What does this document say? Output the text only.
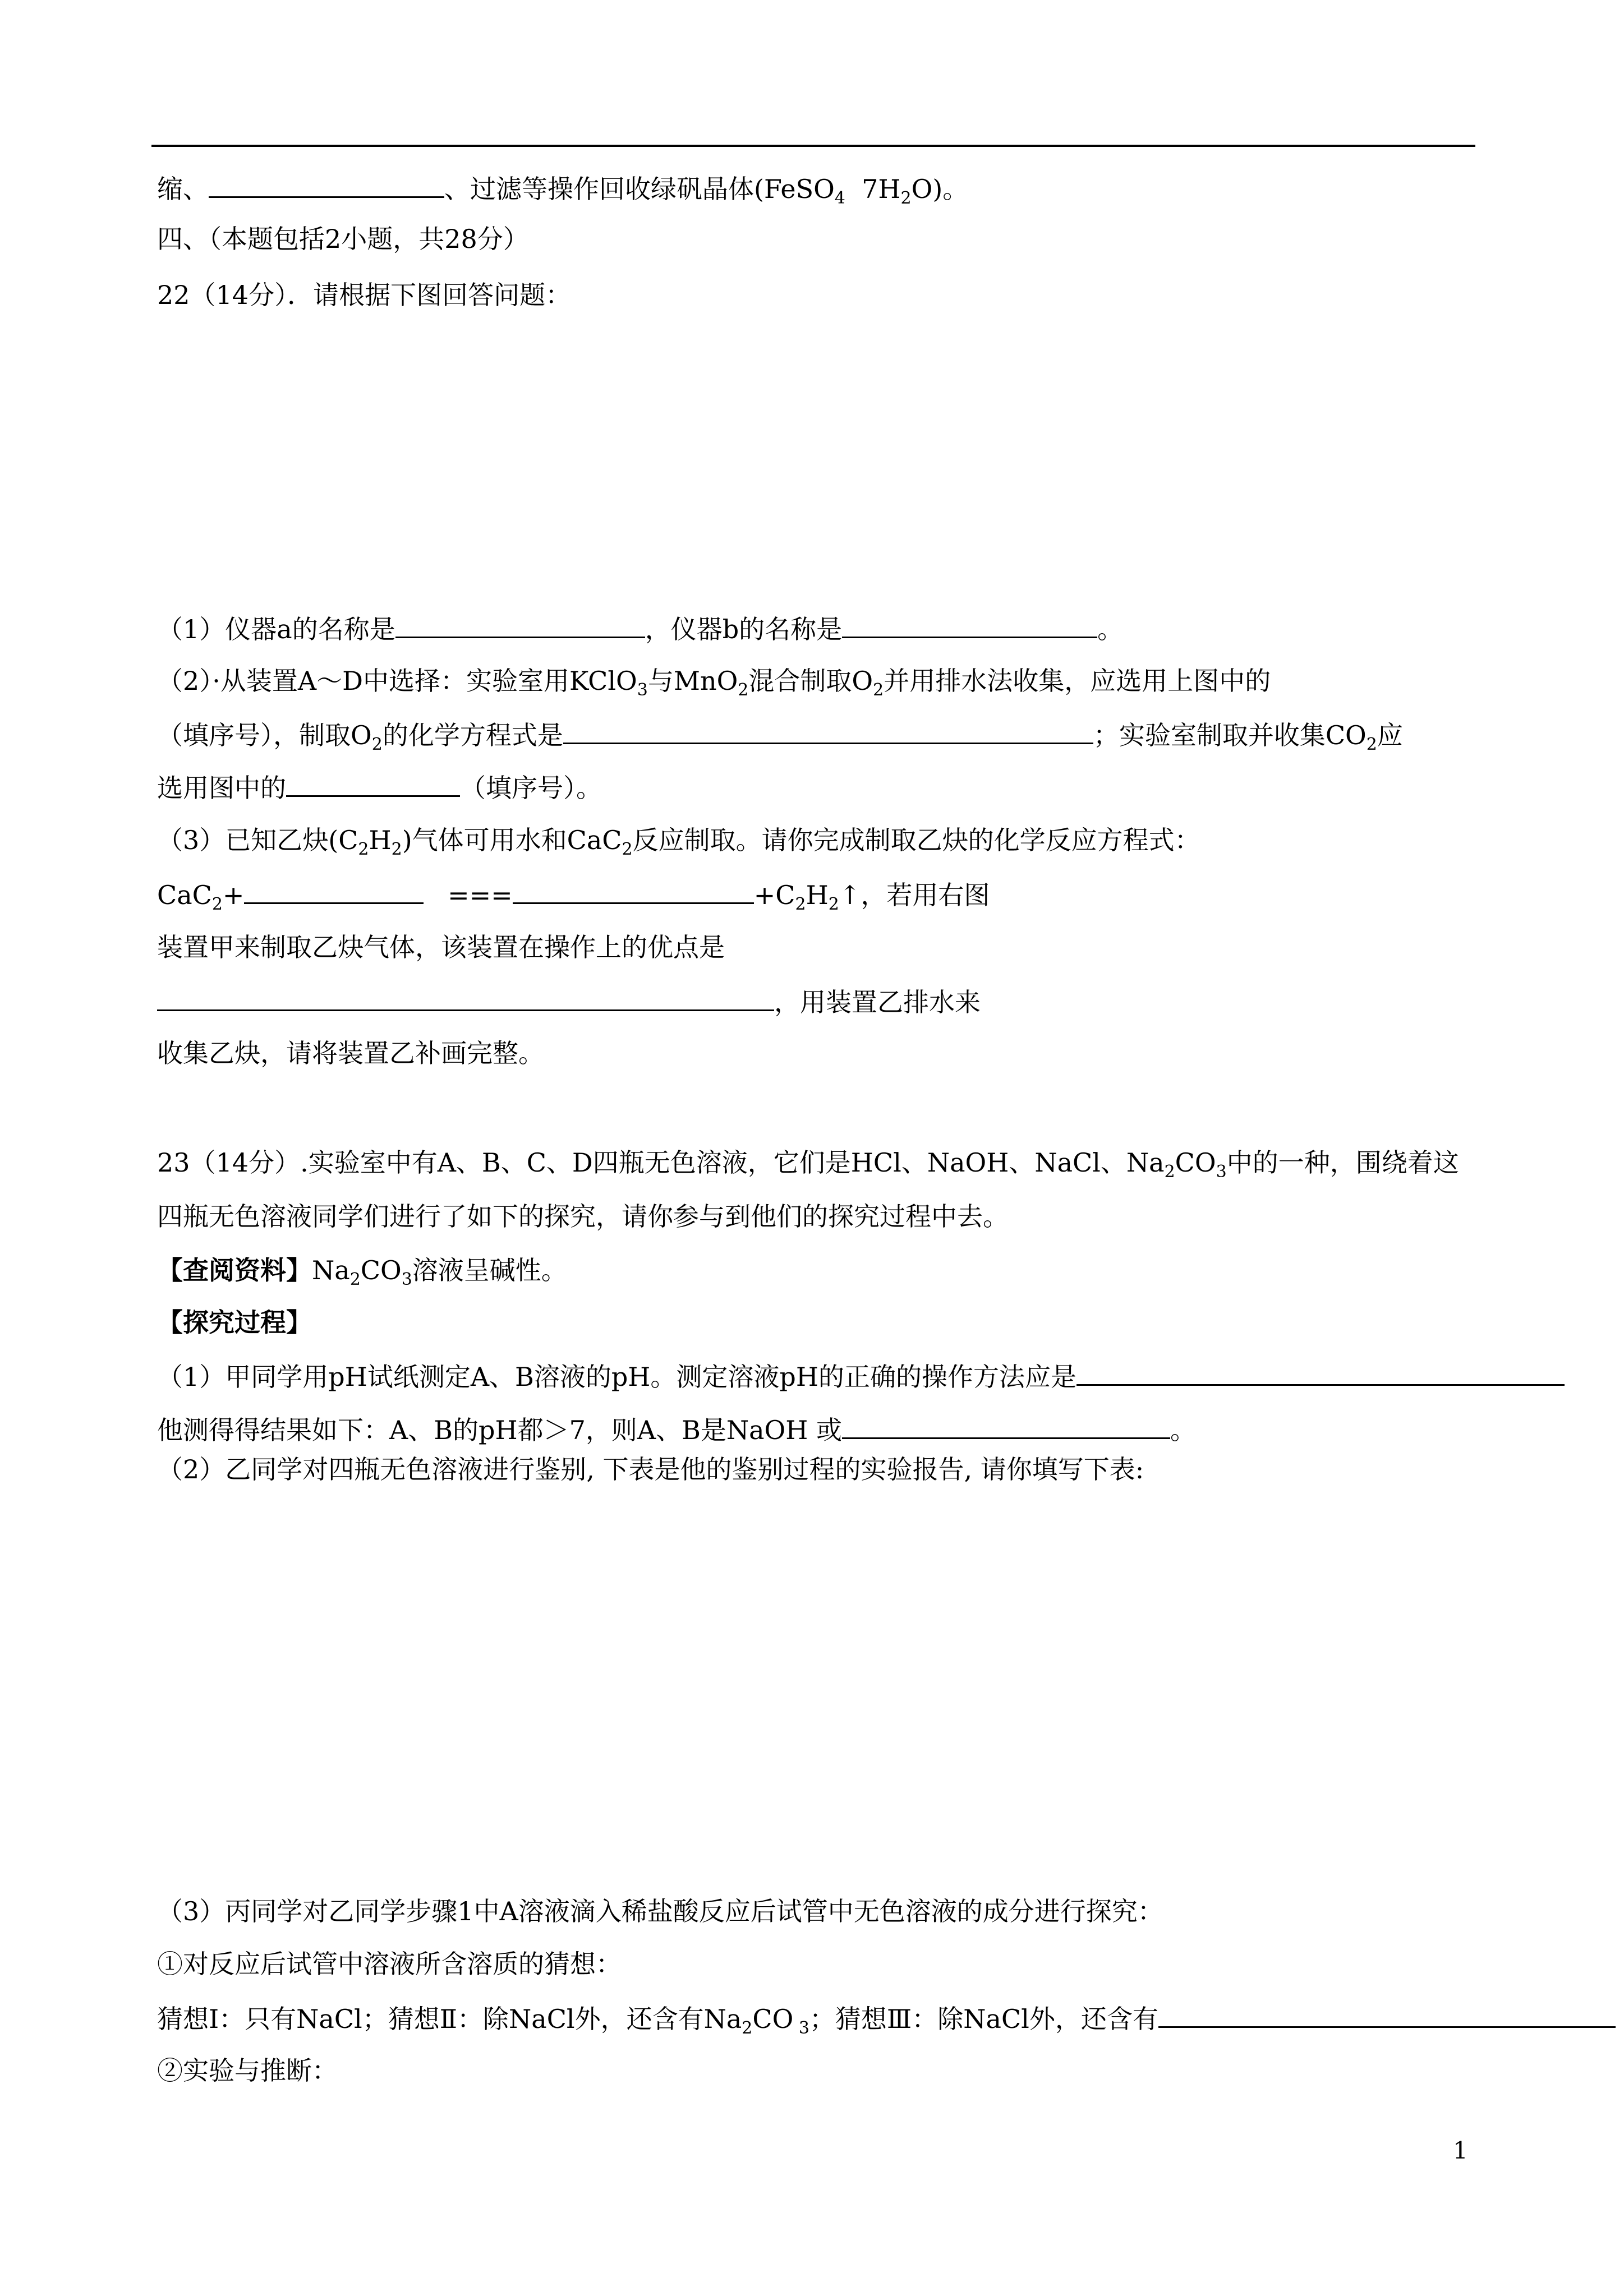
缩、	、过滤等操作回收绿矾晶体(FeSO$_4$  $7H_2O$)。
四、（本题包括2小题，共28分）
22（14分）．请根据下图回答问题：
（1）仪器a的名称是	，仪器b的名称是	。
（2）·从装置A～D中选择：实验室用KClO$_3$与MnO$_2$混合制取$O_2$并用排水法收集，应选用上图中的
（填序号），制取$O_2$的化学方程式是	；实验室制取并收集$CO_2$应
选用图中的	（填序号）。
（3）已知乙炔$(C_2H_2)$气体可用水和CaC$_2$反应制取。请你完成制取乙炔的化学反应方程式：
CaC$_2$+	===	$+C_2H_2↑$，若用右图
装置甲来制取乙炔气体，该装置在操作上的优点是
，用装置乙排水来
收集乙炔，请将装置乙补画完整。
23（14分）.实验室中有A、B、C、D四瓶无色溶液，它们是HCl、NaOH、NaCl、$Na_2CO_3$中的一种，围绕着这
四瓶无色溶液同学们进行了如下的探究，请你参与到他们的探究过程中去。
【查阅资料】$Na_2CO_3$溶液呈碱性。
【探究过程】
（1）甲同学用pH试纸测定A、B溶液的pH。测定溶液pH的正确的操作方法应是
他测得得结果如下：A、B的pH都＞7，则A、B是NaOH 或	。
（2）乙同学对四瓶无色溶液进行鉴别, 下表是他的鉴别过程的实验报告, 请你填写下表:
（3）丙同学对乙同学步骤1中A溶液滴入稀盐酸反应后试管中无色溶液的成分进行探究：
①对反应后试管中溶液所含溶质的猜想：
猜想Ⅰ：只有NaCl；猜想Ⅱ：除NaCl外，还含有$Na_2CO$ $_3$；猜想Ⅲ：除NaCl外，还含有
②实验与推断：
1
